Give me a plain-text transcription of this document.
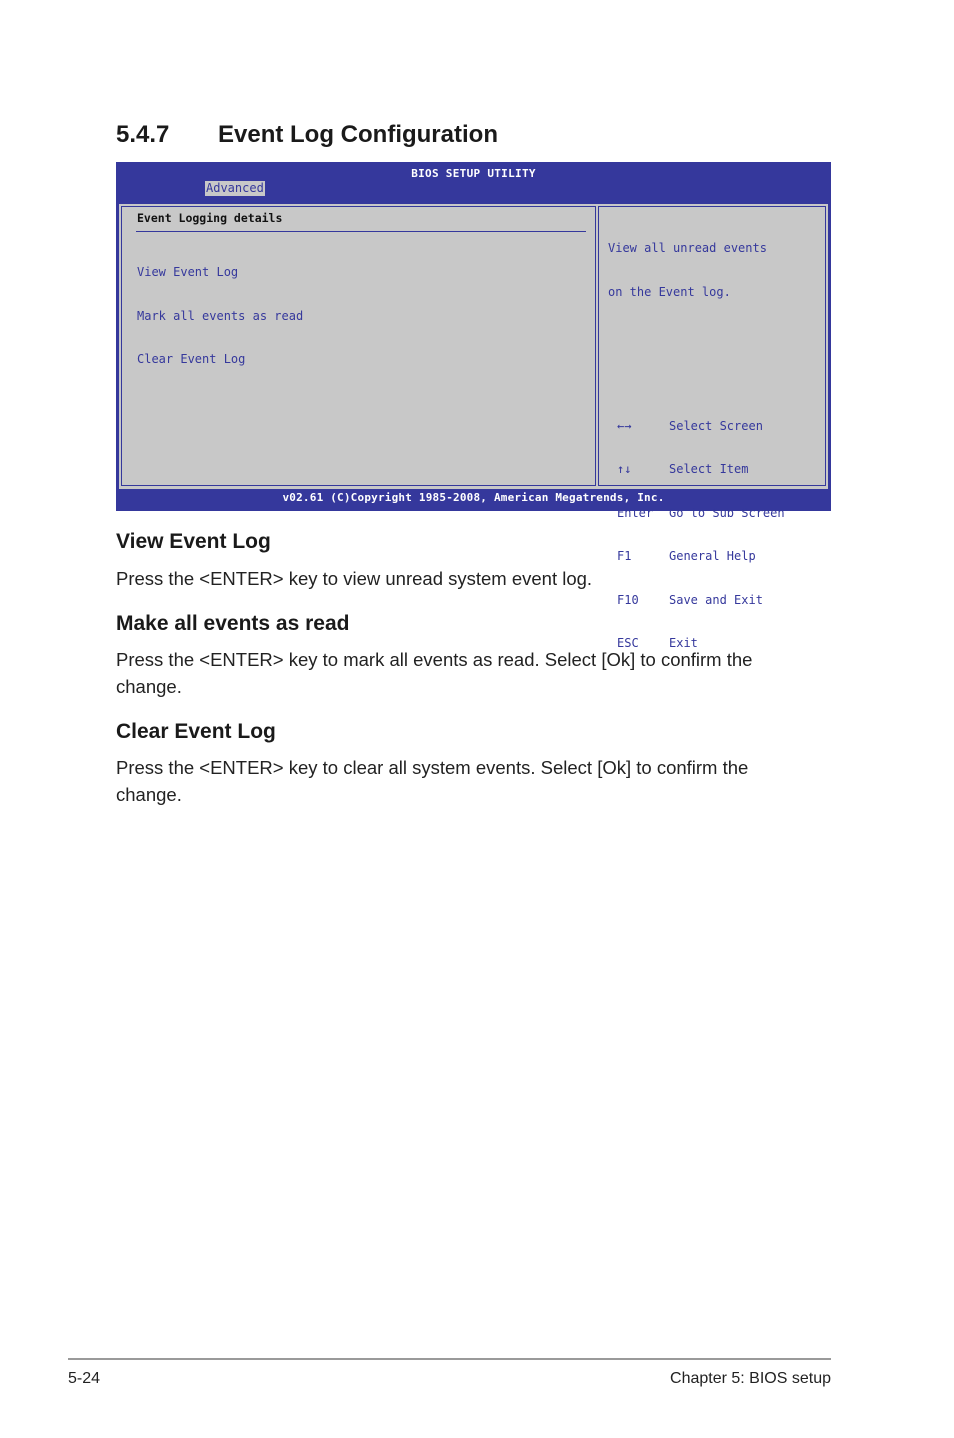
5.4.7 Event Log Configuration
BIOS SETUP UTILITY
Advanced
Event Logging details

View Event Log

Mark all events as read

Clear Event Log

View all unread events

on the Event log.

←→	Select Screen

↑↓	Select Item

Enter	Go to Sub Screen

F1	General Help

F10	Save and Exit

ESC	Exit

v02.61 (C)Copyright 1985-2008, American Megatrends, Inc.
View Event Log
Press the <ENTER> key to view unread system event log.
Make all events as read
Press the <ENTER> key to mark all events as read. Select [Ok] to confirm the change.
Clear Event Log
Press the <ENTER> key to clear all system events. Select [Ok] to confirm the change.
5-24	Chapter 5: BIOS setup
